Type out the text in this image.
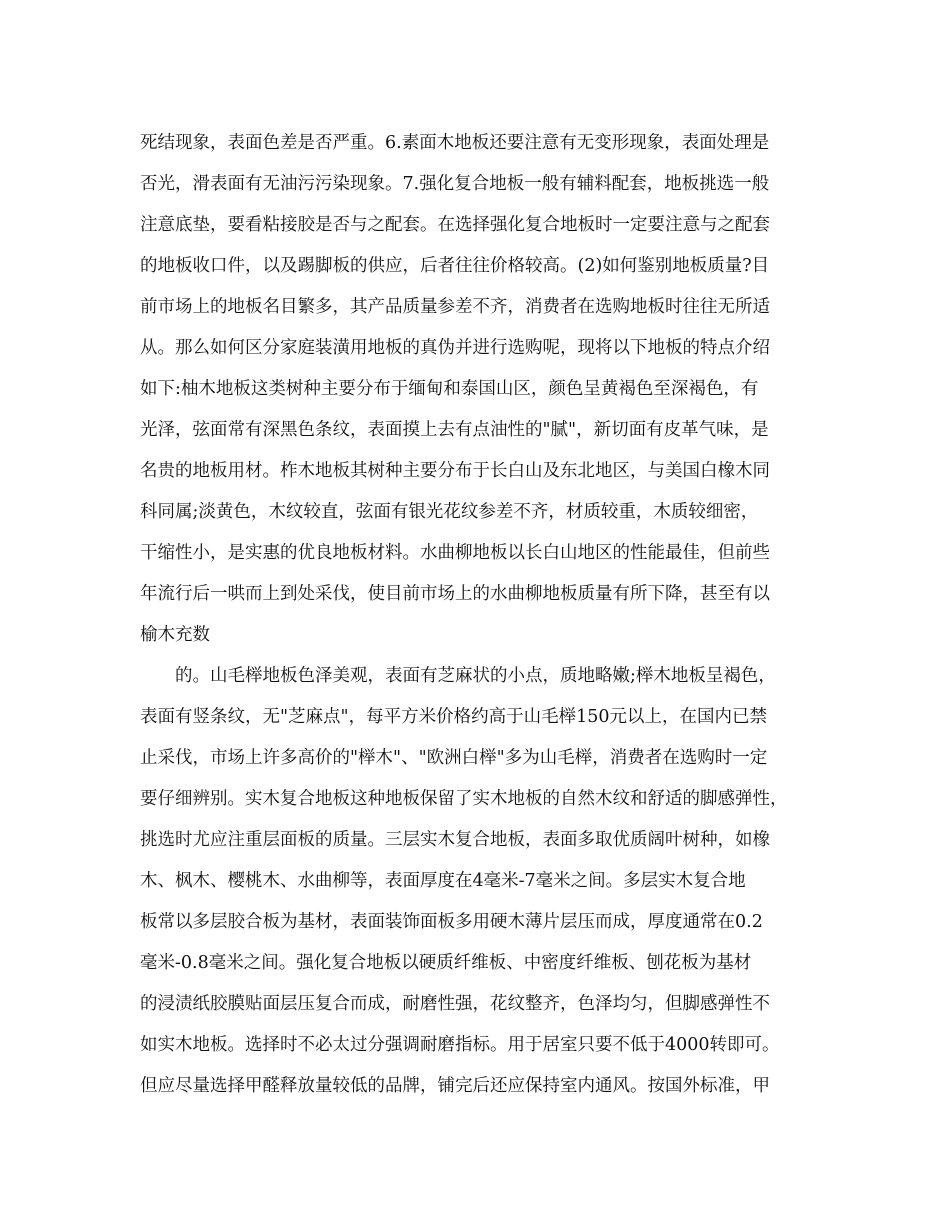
死结现象，表面色差是否严重。6.素面木地板还要注意有无变形现象，表面处理是
否光，滑表面有无油污污染现象。7.强化复合地板一般有辅料配套，地板挑选一般
注意底垫，要看粘接胶是否与之配套。在选择强化复合地板时一定要注意与之配套
的地板收口件，以及踢脚板的供应，后者往往价格较高。(2)如何鉴别地板质量?目
前市场上的地板名目繁多，其产品质量参差不齐，消费者在选购地板时往往无所适
从。那么如何区分家庭装潢用地板的真伪并进行选购呢，现将以下地板的特点介绍
如下:柚木地板这类树种主要分布于缅甸和泰国山区，颜色呈黄褐色至深褐色，有
光泽，弦面常有深黑色条纹，表面摸上去有点油性的"腻"，新切面有皮革气味，是
名贵的地板用材。柞木地板其树种主要分布于长白山及东北地区，与美国白橡木同
科同属;淡黄色，木纹较直，弦面有银光花纹参差不齐，材质较重，木质较细密，
干缩性小，是实惠的优良地板材料。水曲柳地板以长白山地区的性能最佳，但前些
年流行后一哄而上到处采伐，使目前市场上的水曲柳地板质量有所下降，甚至有以
榆木充数
的。山毛榉地板色泽美观，表面有芝麻状的小点，质地略嫩;榉木地板呈褐色，
表面有竖条纹，无"芝麻点"，每平方米价格约高于山毛榉150元以上，在国内已禁
止采伐，市场上许多高价的"榉木"、"欧洲白榉"多为山毛榉，消费者在选购时一定
要仔细辨别。实木复合地板这种地板保留了实木地板的自然木纹和舒适的脚感弹性，
挑选时尤应注重层面板的质量。三层实木复合地板，表面多取优质阔叶树种，如橡
木、枫木、樱桃木、水曲柳等，表面厚度在4毫米-7毫米之间。多层实木复合地
板常以多层胶合板为基材，表面装饰面板多用硬木薄片层压而成，厚度通常在0.2
毫米-0.8毫米之间。强化复合地板以硬质纤维板、中密度纤维板、刨花板为基材
的浸渍纸胶膜贴面层压复合而成，耐磨性强，花纹整齐，色泽均匀，但脚感弹性不
如实木地板。选择时不必太过分强调耐磨指标。用于居室只要不低于4000转即可。
但应尽量选择甲醛释放量较低的品牌，铺完后还应保持室内通风。按国外标准，甲
